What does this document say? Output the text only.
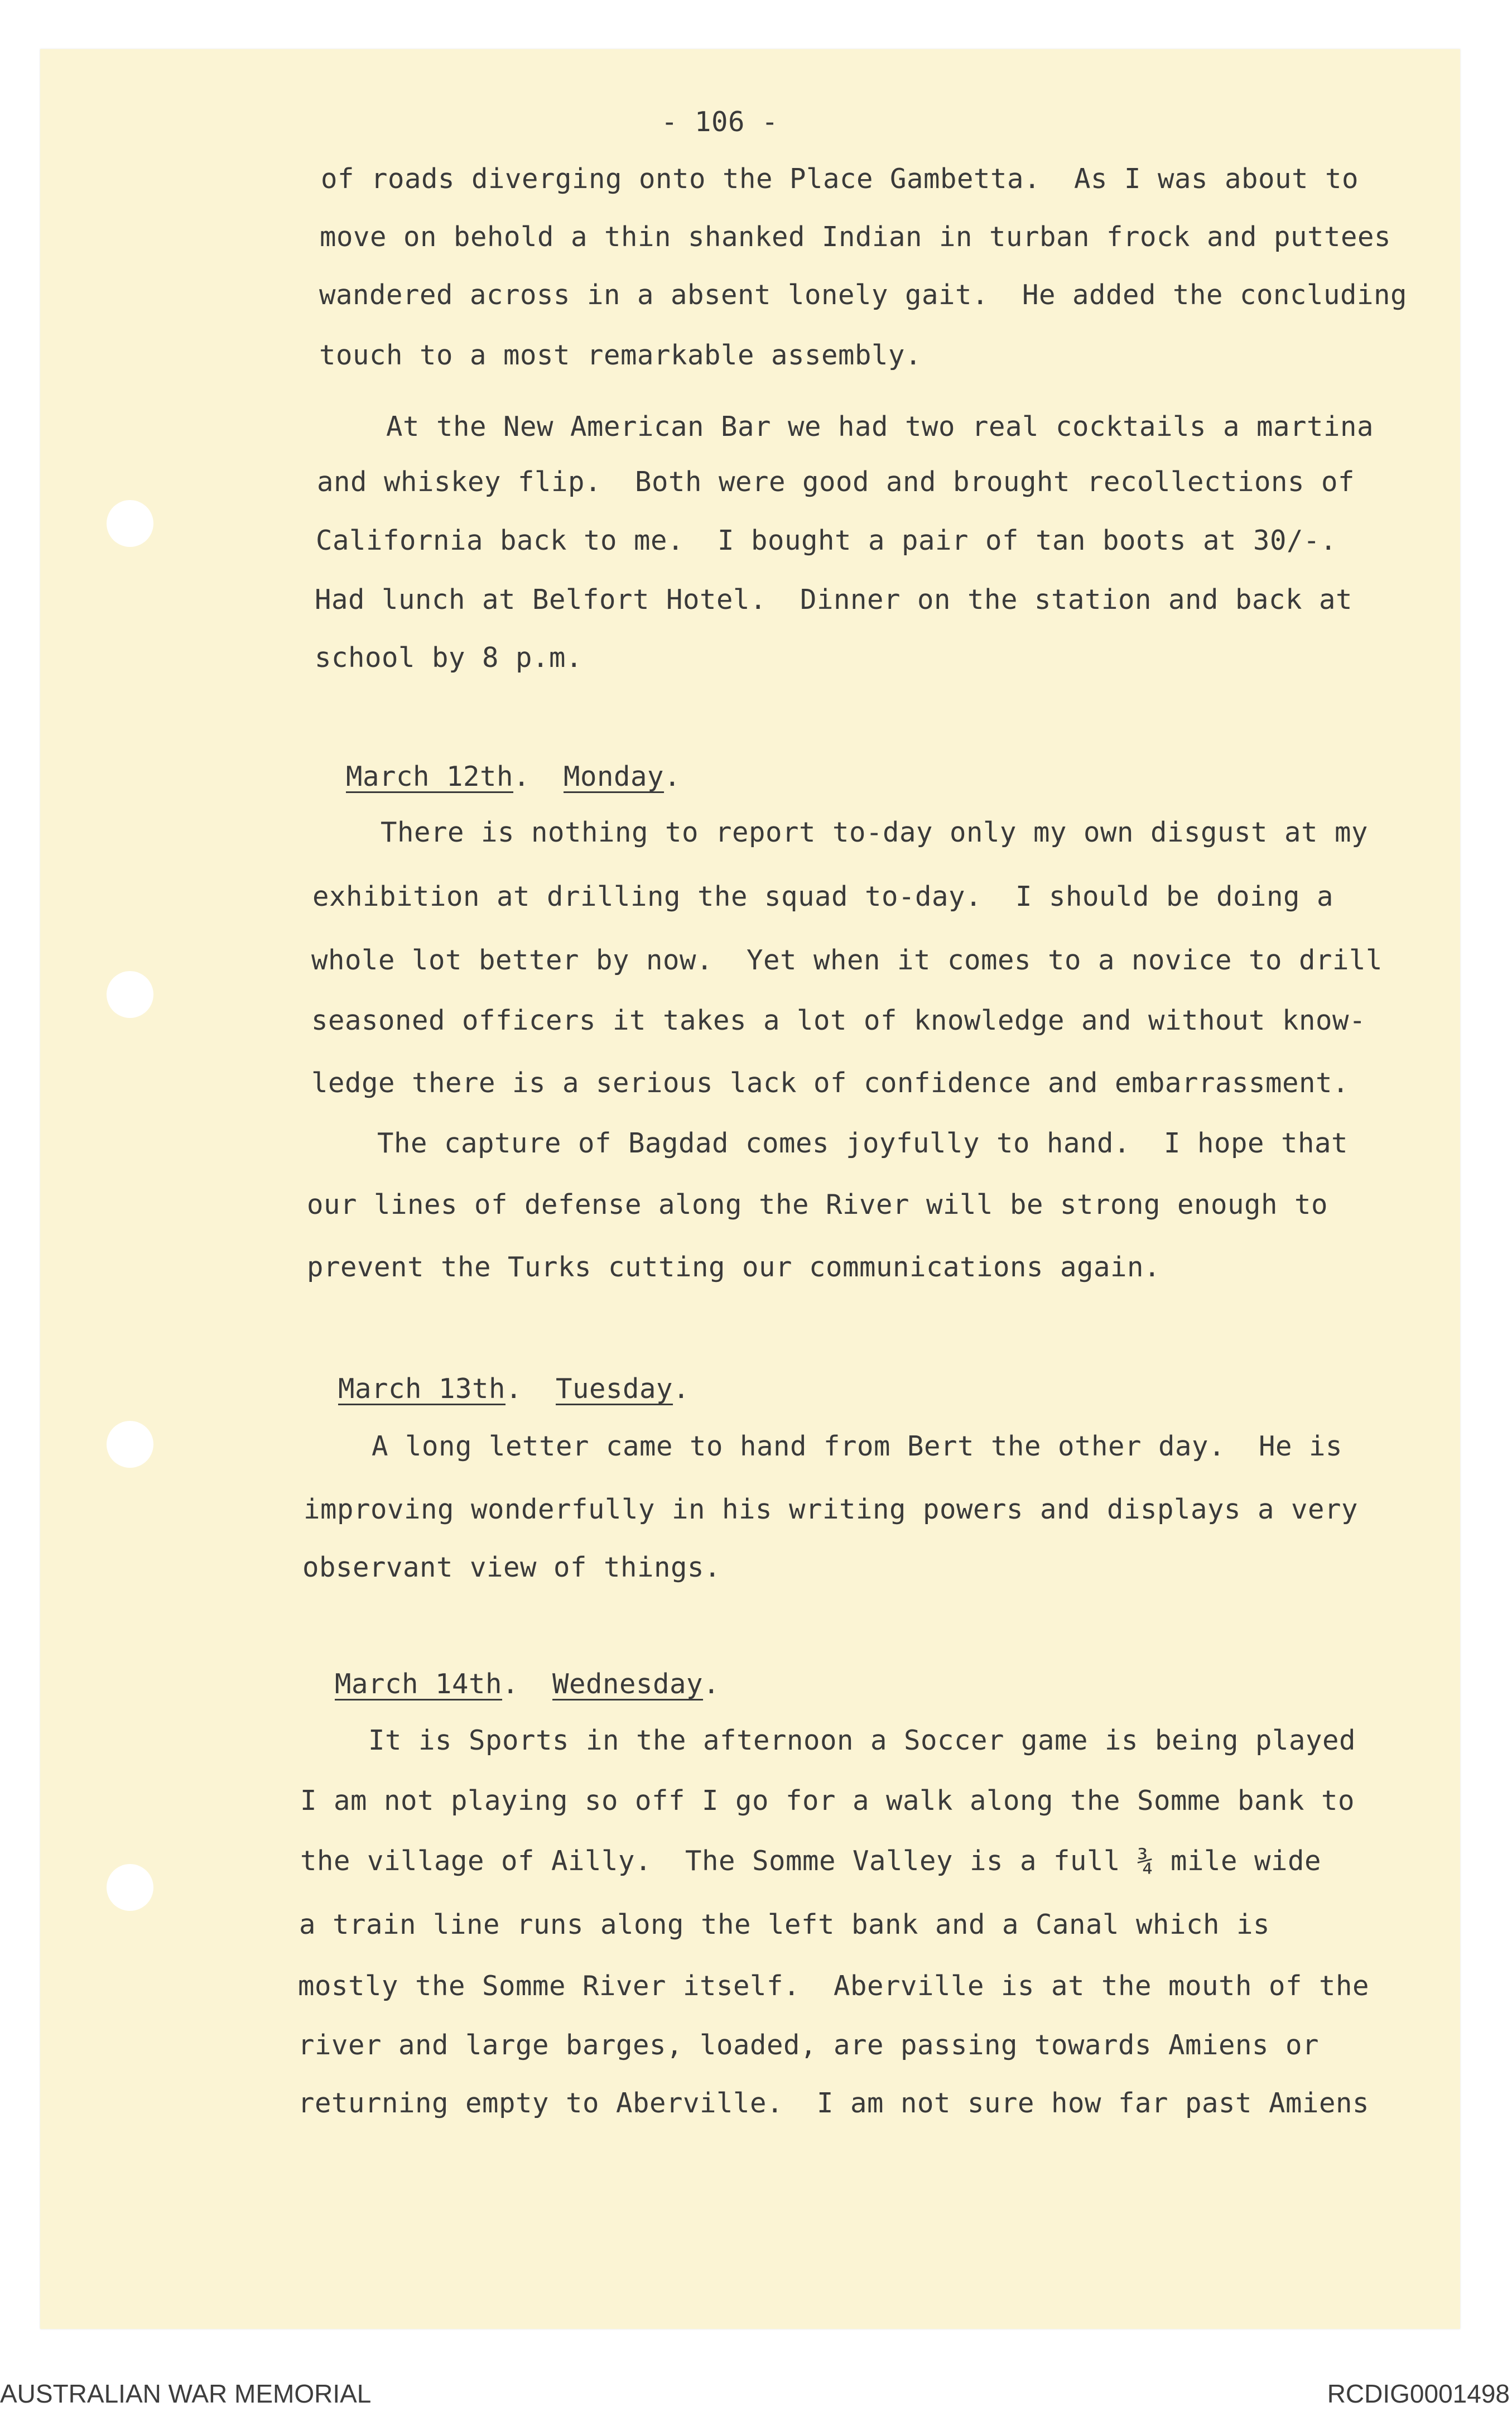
- 106 -
of roads diverging onto the Place Gambetta.  As I was about to
move on behold a thin shanked Indian in turban frock and puttees
wandered across in a absent lonely gait.  He added the concluding
touch to a most remarkable assembly.
At the New American Bar we had two real cocktails a martina
and whiskey flip.  Both were good and brought recollections of
California back to me.  I bought a pair of tan boots at 30/-.
Had lunch at Belfort Hotel.  Dinner on the station and back at
school by 8 p.m.

March 12th.  Monday.

There is nothing to report to-day only my own disgust at my
exhibition at drilling the squad to-day.  I should be doing a
whole lot better by now.  Yet when it comes to a novice to drill
seasoned officers it takes a lot of knowledge and without know-
ledge there is a serious lack of confidence and embarrassment.
The capture of Bagdad comes joyfully to hand.  I hope that
our lines of defense along the River will be strong enough to
prevent the Turks cutting our communications again.

March 13th.  Tuesday.

A long letter came to hand from Bert the other day.  He is
improving wonderfully in his writing powers and displays a very
observant view of things.

March 14th.  Wednesday.

It is Sports in the afternoon a Soccer game is being played
I am not playing so off I go for a walk along the Somme bank to
the village of Ailly.  The Somme Valley is a full ¾ mile wide
a train line runs along the left bank and a Canal which is
mostly the Somme River itself.  Aberville is at the mouth of the
river and large barges, loaded, are passing towards Amiens or
returning empty to Aberville.  I am not sure how far past Amiens
AUSTRALIAN WAR MEMORIAL	RCDIG0001498
